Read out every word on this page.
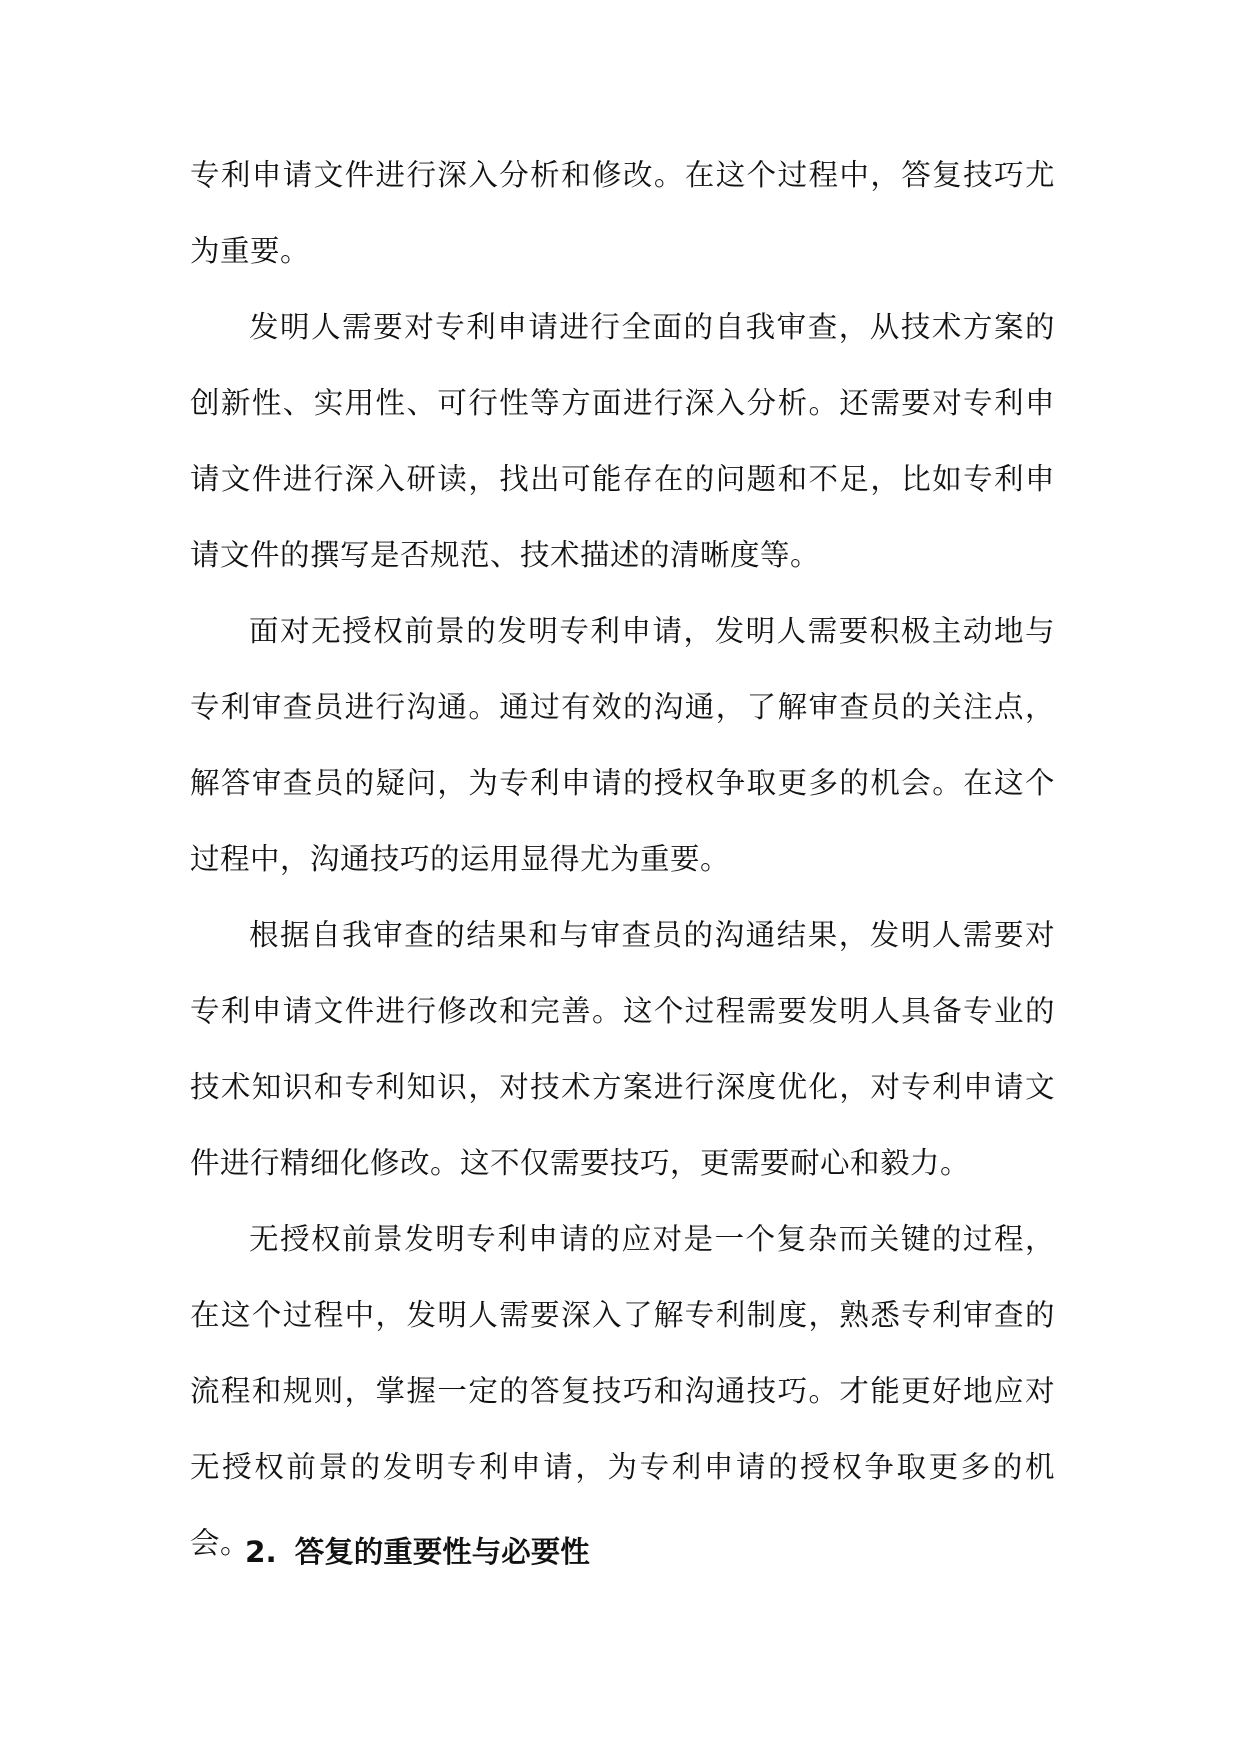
专利申请文件进行深入分析和修改。在这个过程中，答复技巧尤为重要。

发明人需要对专利申请进行全面的自我审查，从技术方案的创新性、实用性、可行性等方面进行深入分析。还需要对专利申请文件进行深入研读，找出可能存在的问题和不足，比如专利申请文件的撰写是否规范、技术描述的清晰度等。

面对无授权前景的发明专利申请，发明人需要积极主动地与专利审查员进行沟通。通过有效的沟通，了解审查员的关注点，解答审查员的疑问，为专利申请的授权争取更多的机会。在这个过程中，沟通技巧的运用显得尤为重要。

根据自我审查的结果和与审查员的沟通结果，发明人需要对专利申请文件进行修改和完善。这个过程需要发明人具备专业的技术知识和专利知识，对技术方案进行深度优化，对专利申请文件进行精细化修改。这不仅需要技巧，更需要耐心和毅力。

无授权前景发明专利申请的应对是一个复杂而关键的过程，在这个过程中，发明人需要深入了解专利制度，熟悉专利审查的流程和规则，掌握一定的答复技巧和沟通技巧。才能更好地应对无授权前景的发明专利申请，为专利申请的授权争取更多的机会。

2. 答复的重要性与必要性
